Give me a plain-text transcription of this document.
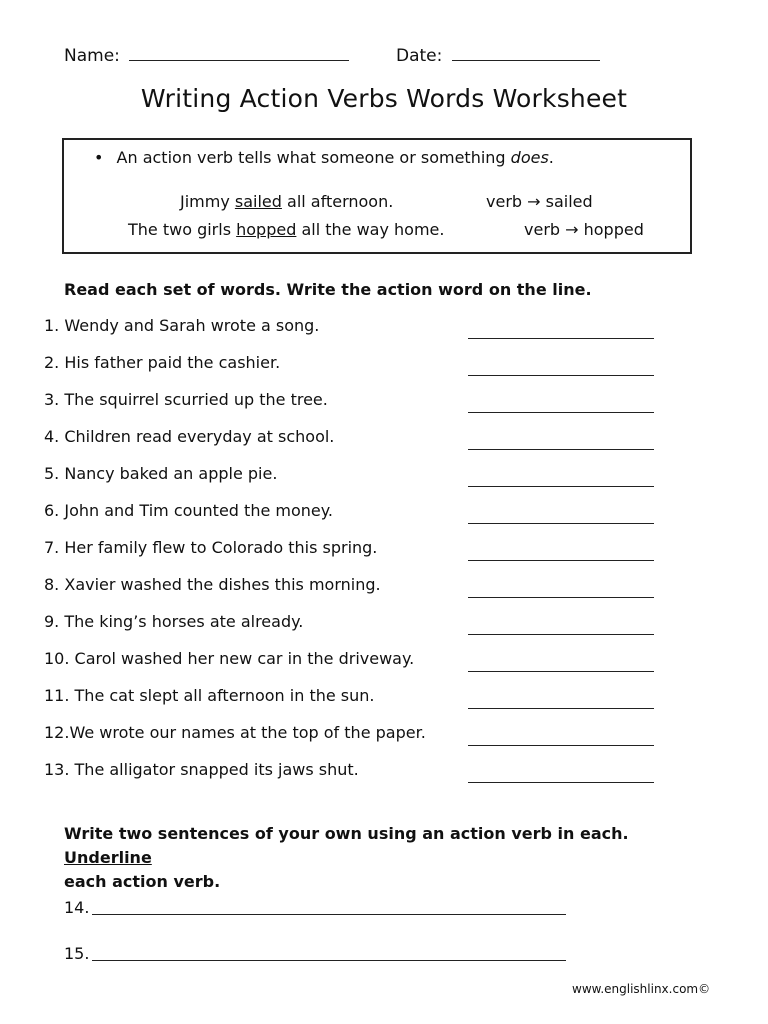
Name:	Date:
Writing Action Verbs Words Worksheet
• An action verb tells what someone or something does.
Jimmy sailed all afternoon.	verb → sailed
The two girls hopped all the way home.	verb → hopped
Read each set of words. Write the action word on the line.
1. Wendy and Sarah wrote a song.
2. His father paid the cashier.
3. The squirrel scurried up the tree.
4. Children read everyday at school.
5. Nancy baked an apple pie.
6. John and Tim counted the money.
7. Her family flew to Colorado this spring.
8. Xavier washed the dishes this morning.
9. The king’s horses ate already.
10. Carol washed her new car in the driveway.
11. The cat slept all afternoon in the sun.
12.We wrote our names at the top of the paper.
13. The alligator snapped its jaws shut.
Write two sentences of your own using an action verb in each. Underline
each action verb.
14.
15.
www.englishlinx.com©
